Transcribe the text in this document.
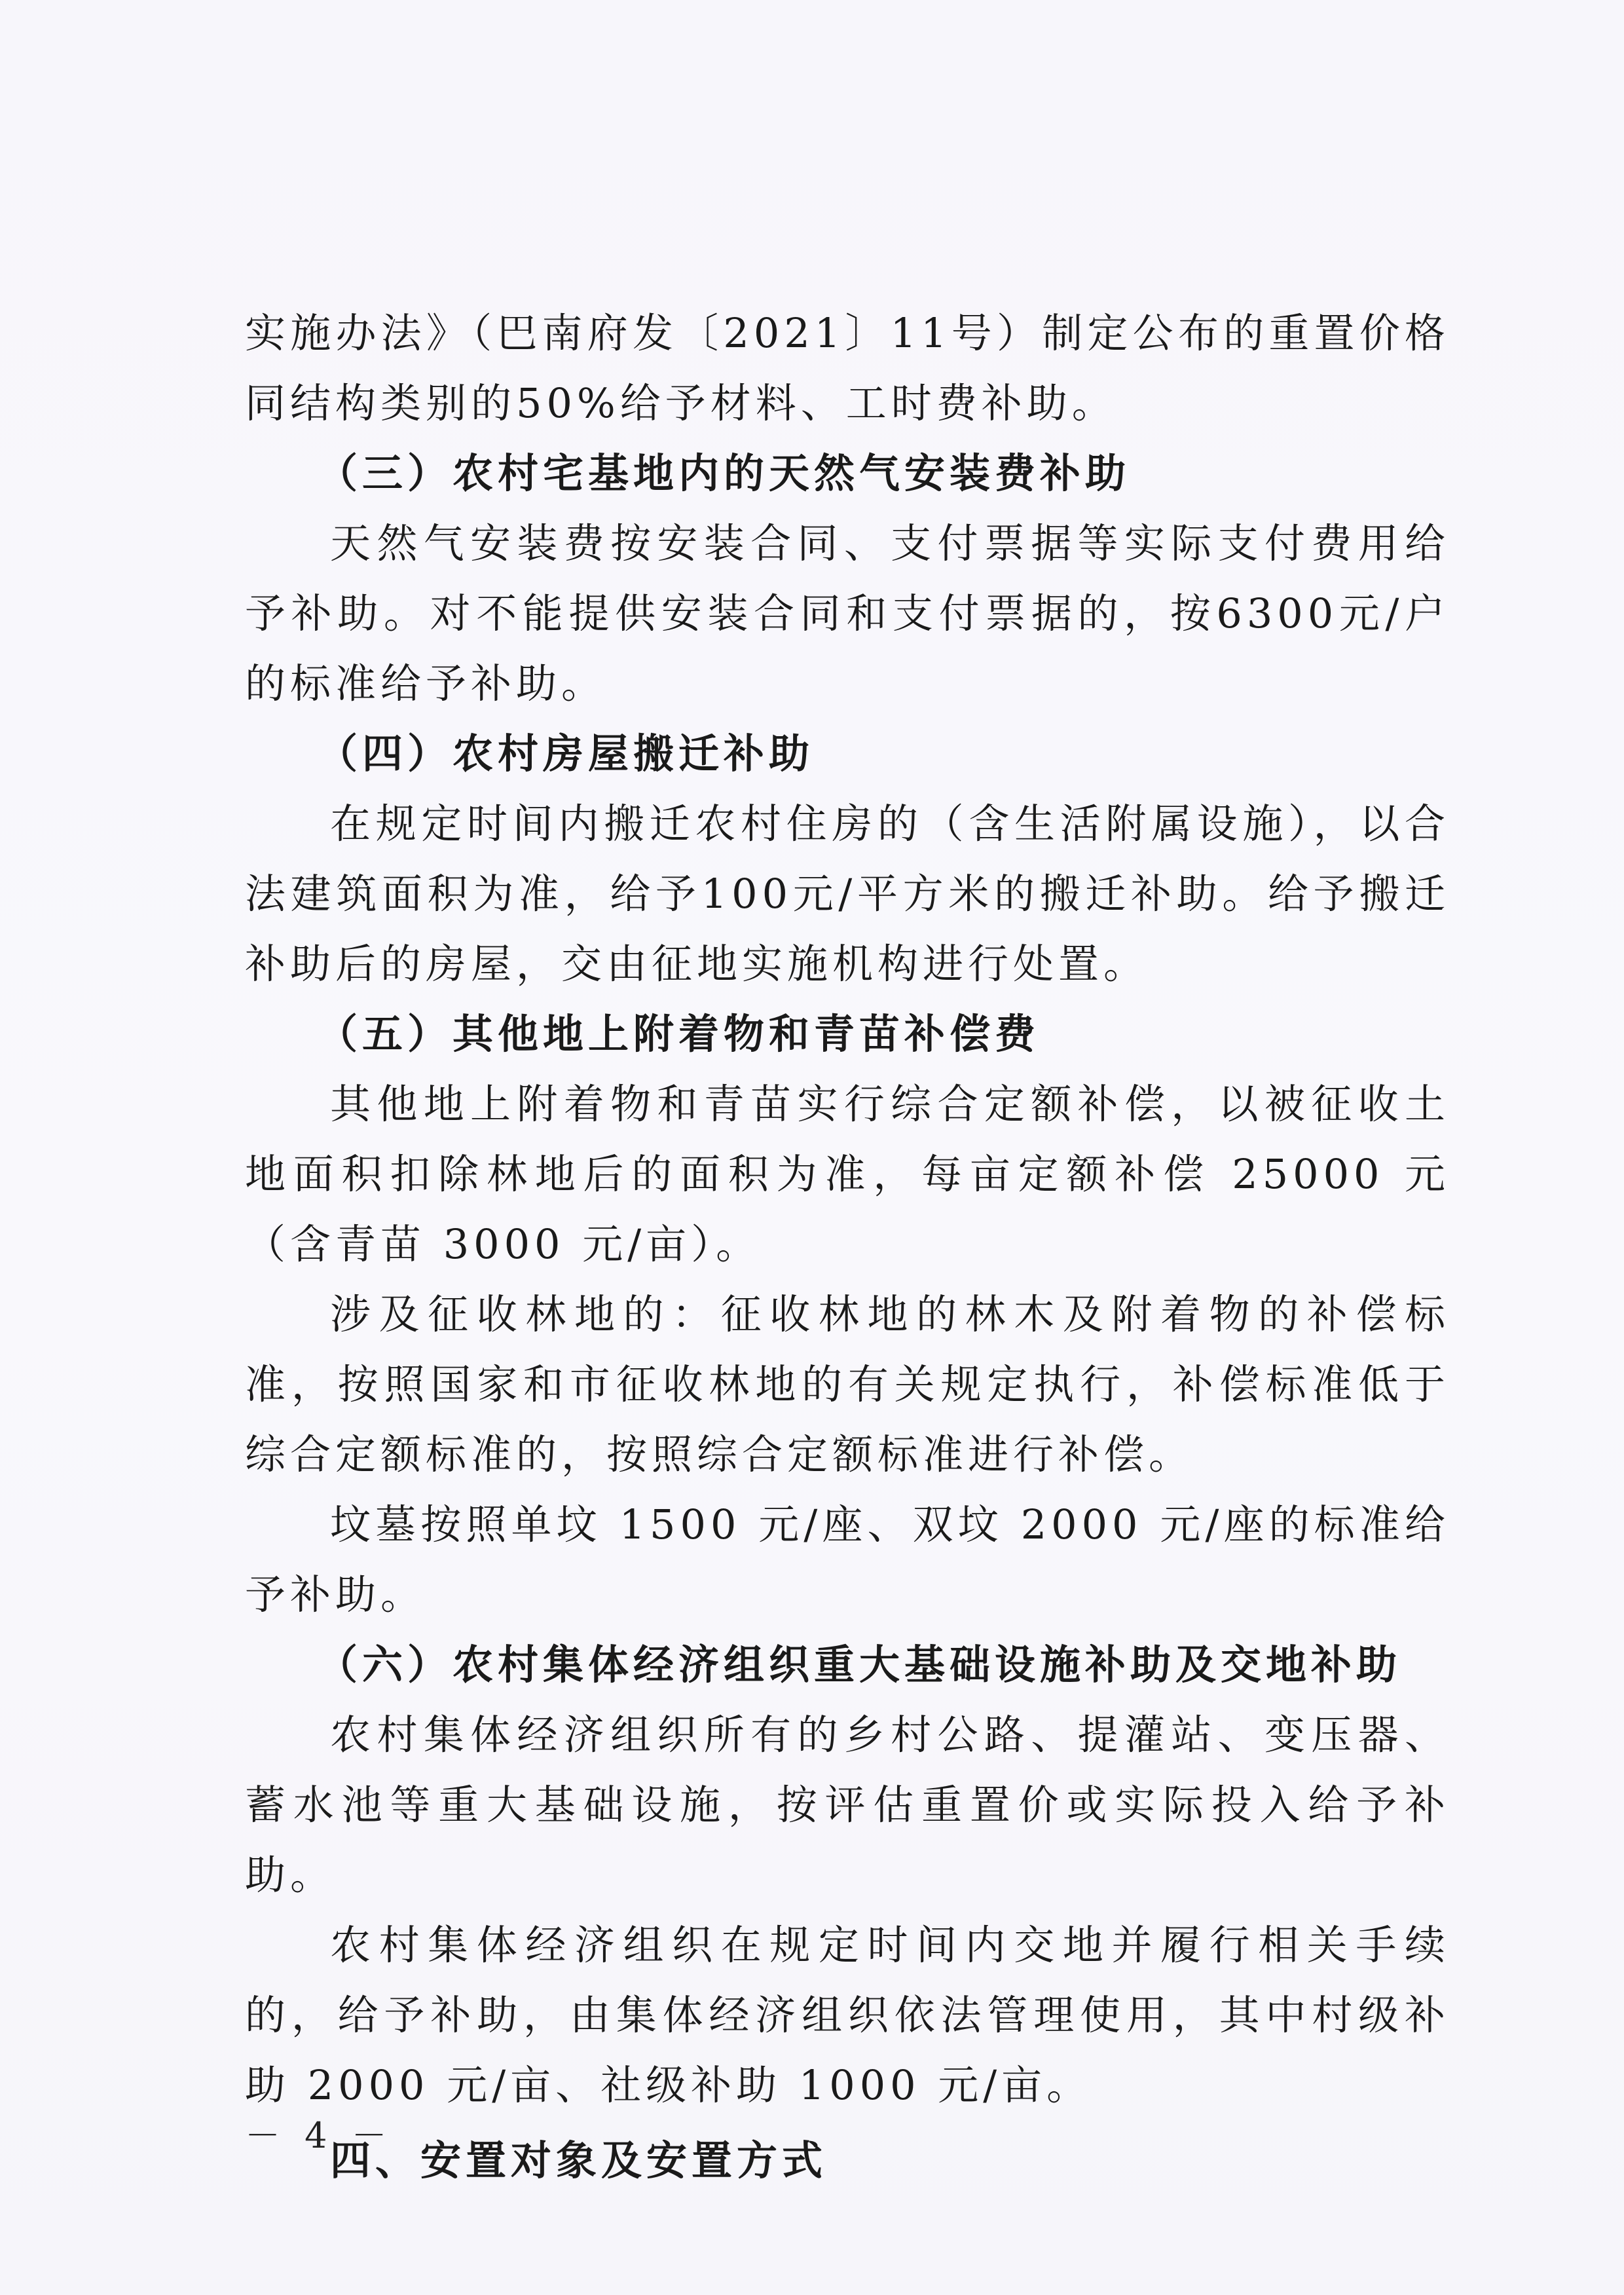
实施办法》（巴南府发〔2021〕11号）制定公布的重置价格同结构类别的50%给予材料、工时费补助。

（三）农村宅基地内的天然气安装费补助

天然气安装费按安装合同、支付票据等实际支付费用给予补助。对不能提供安装合同和支付票据的，按6300元/户的标准给予补助。

（四）农村房屋搬迁补助

在规定时间内搬迁农村住房的（含生活附属设施），以合法建筑面积为准，给予100元/平方米的搬迁补助。给予搬迁补助后的房屋，交由征地实施机构进行处置。

（五）其他地上附着物和青苗补偿费

其他地上附着物和青苗实行综合定额补偿，以被征收土地面积扣除林地后的面积为准，每亩定额补偿 25000 元（含青苗 3000 元/亩）。

涉及征收林地的：征收林地的林木及附着物的补偿标准，按照国家和市征收林地的有关规定执行，补偿标准低于综合定额标准的，按照综合定额标准进行补偿。

坟墓按照单坟 1500 元/座、双坟 2000 元/座的标准给予补助。

（六）农村集体经济组织重大基础设施补助及交地补助

农村集体经济组织所有的乡村公路、提灌站、变压器、蓄水池等重大基础设施，按评估重置价或实际投入给予补助。

农村集体经济组织在规定时间内交地并履行相关手续的，给予补助，由集体经济组织依法管理使用，其中村级补助 2000 元/亩、社级补助 1000 元/亩。

四、安置对象及安置方式

－ 4 －
